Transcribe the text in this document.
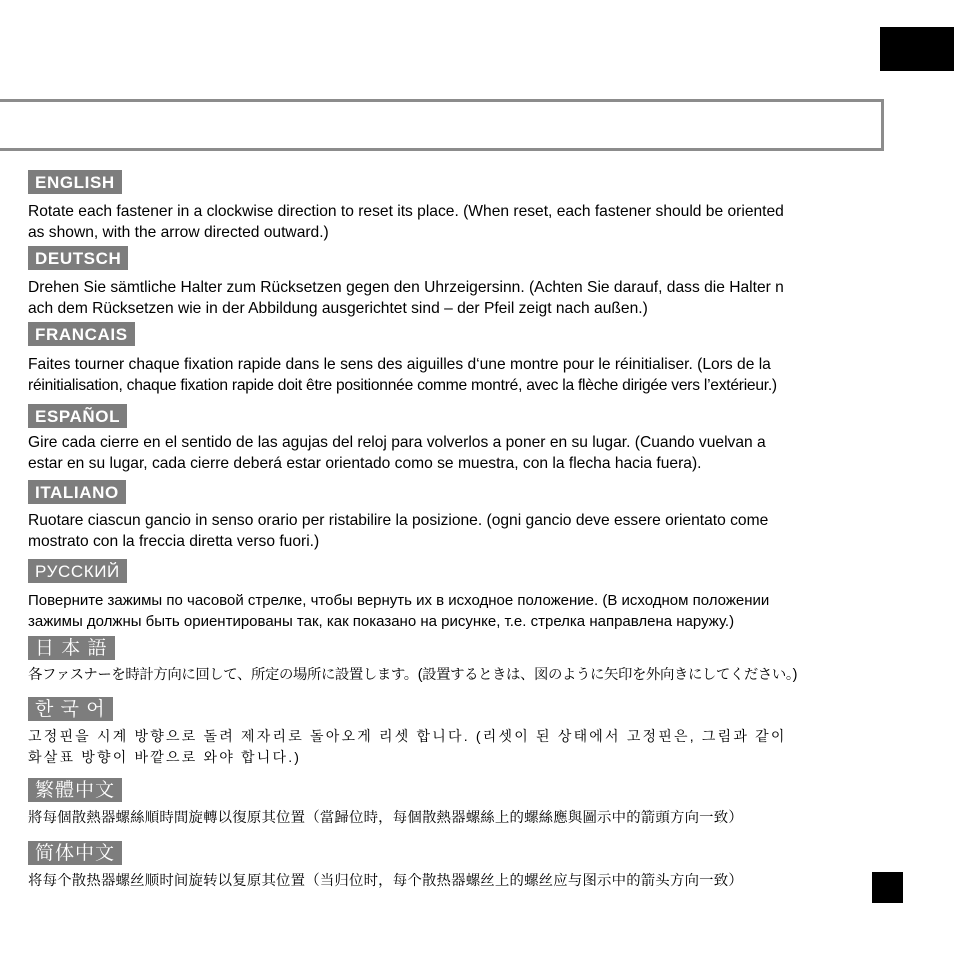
ENGLISH

Rotate each fastener in a clockwise direction to reset its place. (When reset, each fastener should be oriented
as shown, with the arrow directed outward.)

DEUTSCH

Drehen Sie sämtliche Halter zum Rücksetzen gegen den Uhrzeigersinn. (Achten Sie darauf, dass die Halter n
ach dem Rücksetzen wie in der Abbildung ausgerichtet sind – der Pfeil zeigt nach außen.)

FRANCAIS

Faites tourner chaque fixation rapide dans le sens des aiguilles d‘une montre pour le réinitialiser. (Lors de la
réinitialisation, chaque fixation rapide doit être positionnée comme montré, avec la flèche dirigée vers l’extérieur.)

ESPAÑOL

Gire cada cierre en el sentido de las agujas del reloj para volverlos a poner en su lugar. (Cuando vuelvan a
estar en su lugar, cada cierre deberá estar orientado como se muestra, con la flecha hacia fuera).

ITALIANO

Ruotare ciascun gancio in senso orario per ristabilire la posizione. (ogni gancio deve essere orientato come
mostrato con la freccia diretta verso fuori.)

РУССКИЙ

Поверните зажимы по часовой стрелке, чтобы вернуть их в исходное положение. (В исходном положении
зажимы должны быть ориентированы так, как показано на рисунке, т.е. стрелка направлена наружу.)

日 本 語

各ファスナーを時計方向に回して、所定の場所に設置します。(設置するときは、図のように矢印を外向きにしてください。)

한 국 어

고정핀을 시계 방향으로 돌려 제자리로 돌아오게 리셋 합니다. (리셋이 된 상태에서 고정핀은, 그림과 같이
화살표 방향이 바깥으로 와야 합니다.)

繁體中文

將每個散熱器螺絲順時間旋轉以復原其位置（當歸位時，每個散熱器螺絲上的螺絲應與圖示中的箭頭方向一致）

简体中文

将每个散热器螺丝顺时间旋转以复原其位置（当归位时，每个散热器螺丝上的螺丝应与图示中的箭头方向一致）
